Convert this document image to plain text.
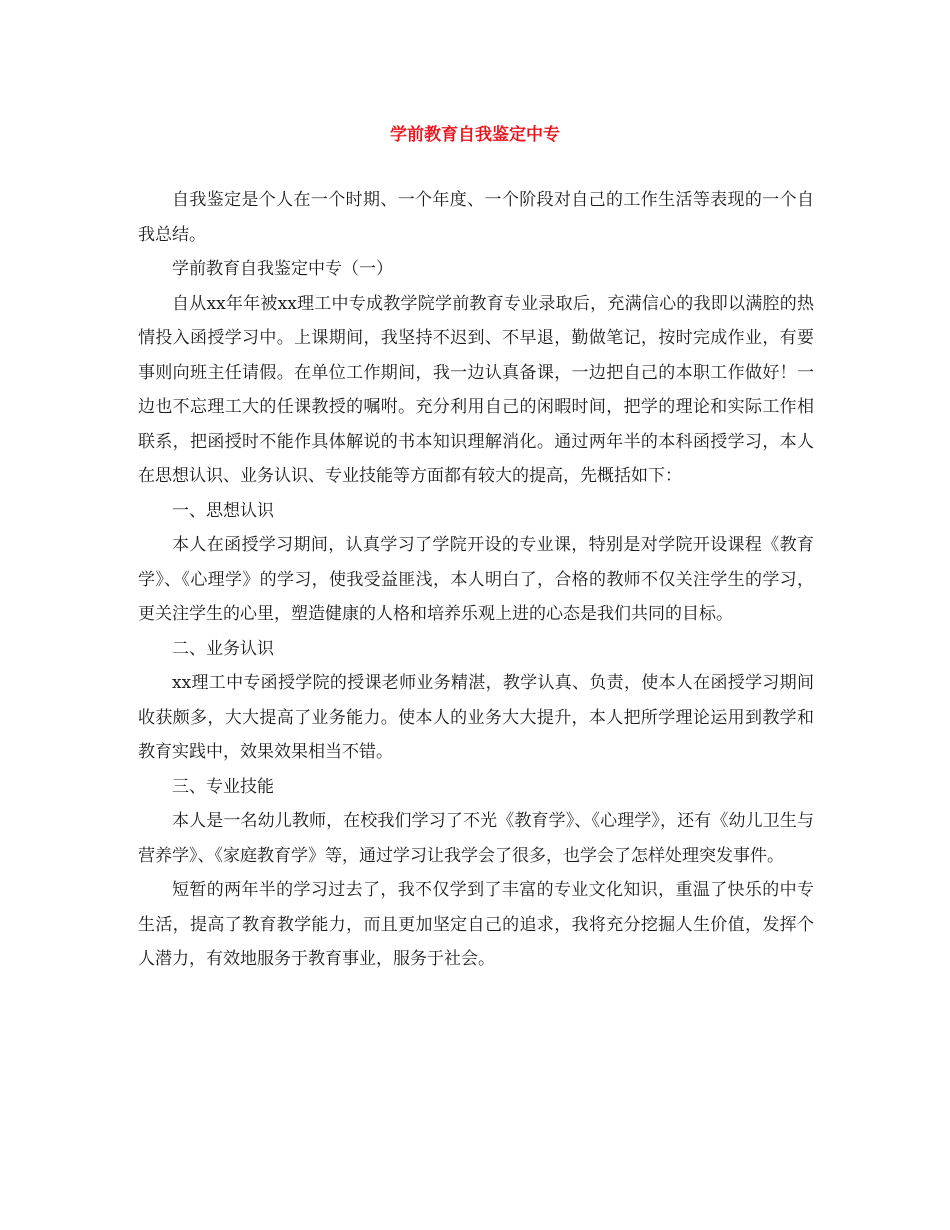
学前教育自我鉴定中专

自我鉴定是个人在一个时期、一个年度、一个阶段对自己的工作生活等表现的一个自我总结。

学前教育自我鉴定中专（一）

自从xx年年被xx理工中专成教学院学前教育专业录取后，充满信心的我即以满腔的热情投入函授学习中。上课期间，我坚持不迟到、不早退，勤做笔记，按时完成作业，有要事则向班主任请假。在单位工作期间，我一边认真备课，一边把自己的本职工作做好！一边也不忘理工大的任课教授的嘱咐。充分利用自己的闲暇时间，把学的理论和实际工作相联系，把函授时不能作具体解说的书本知识理解消化。通过两年半的本科函授学习，本人在思想认识、业务认识、专业技能等方面都有较大的提高，先概括如下：

一、思想认识

本人在函授学习期间，认真学习了学院开设的专业课，特别是对学院开设课程《教育学》、《心理学》的学习，使我受益匪浅，本人明白了，合格的教师不仅关注学生的学习，更关注学生的心里，塑造健康的人格和培养乐观上进的心态是我们共同的目标。

二、业务认识

xx理工中专函授学院的授课老师业务精湛，教学认真、负责，使本人在函授学习期间收获颇多，大大提高了业务能力。使本人的业务大大提升，本人把所学理论运用到教学和教育实践中，效果效果相当不错。

三、专业技能

本人是一名幼儿教师，在校我们学习了不光《教育学》、《心理学》，还有《幼儿卫生与营养学》、《家庭教育学》等，通过学习让我学会了很多，也学会了怎样处理突发事件。

短暂的两年半的学习过去了，我不仅学到了丰富的专业文化知识，重温了快乐的中专生活，提高了教育教学能力，而且更加坚定自己的追求，我将充分挖掘人生价值，发挥个人潜力，有效地服务于教育事业，服务于社会。
